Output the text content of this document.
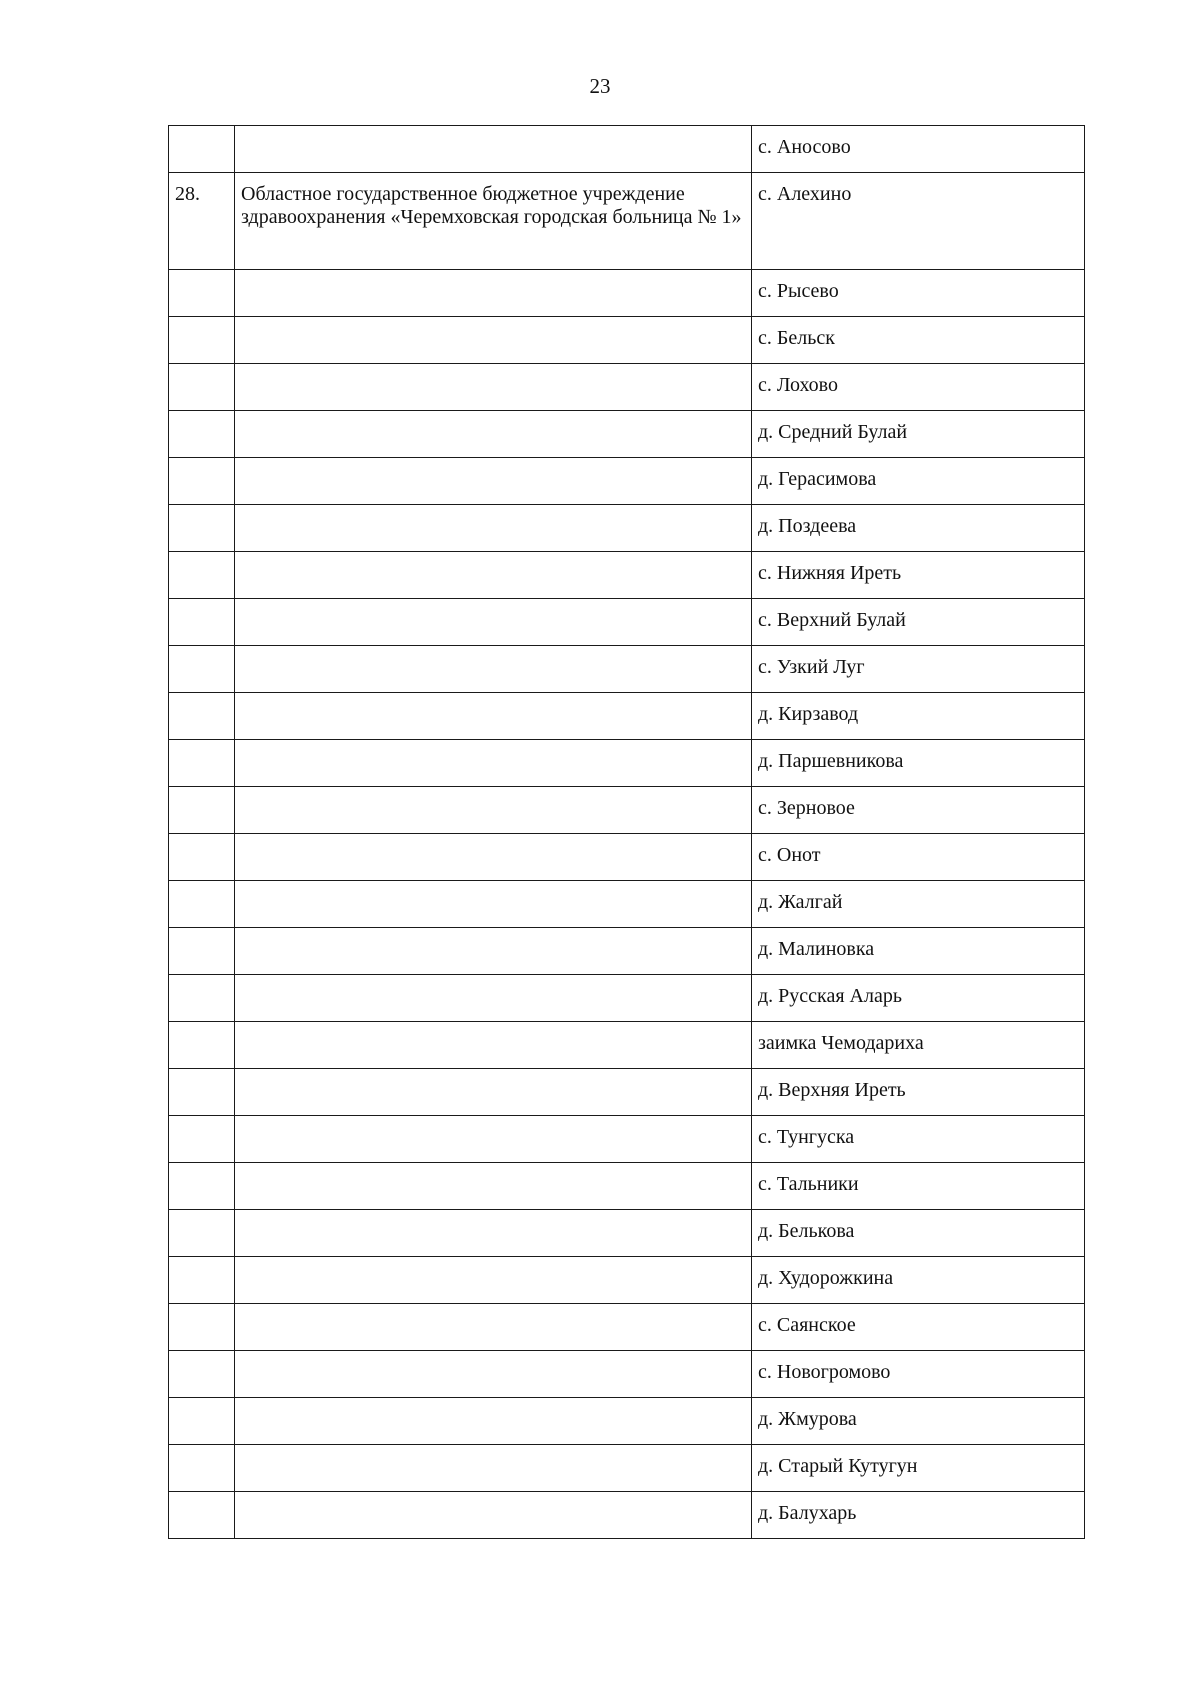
23
		с. Аносово
28.	Областное государственное бюджетное учреждение здравоохранения «Черемховская городская больница № 1»	с. Алехино
		с. Рысево
		с. Бельск
		с. Лохово
		д. Средний Булай
		д. Герасимова
		д. Поздеева
		с. Нижняя Иреть
		с. Верхний Булай
		с. Узкий Луг
		д. Кирзавод
		д. Паршевникова
		с. Зерновое
		с. Онот
		д. Жалгай
		д. Малиновка
		д. Русская Аларь
		заимка Чемодариха
		д. Верхняя Иреть
		с. Тунгуска
		с. Тальники
		д. Белькова
		д. Худорожкина
		с. Саянское
		с. Новогромово
		д. Жмурова
		д. Старый Кутугун
		д. Балухарь
